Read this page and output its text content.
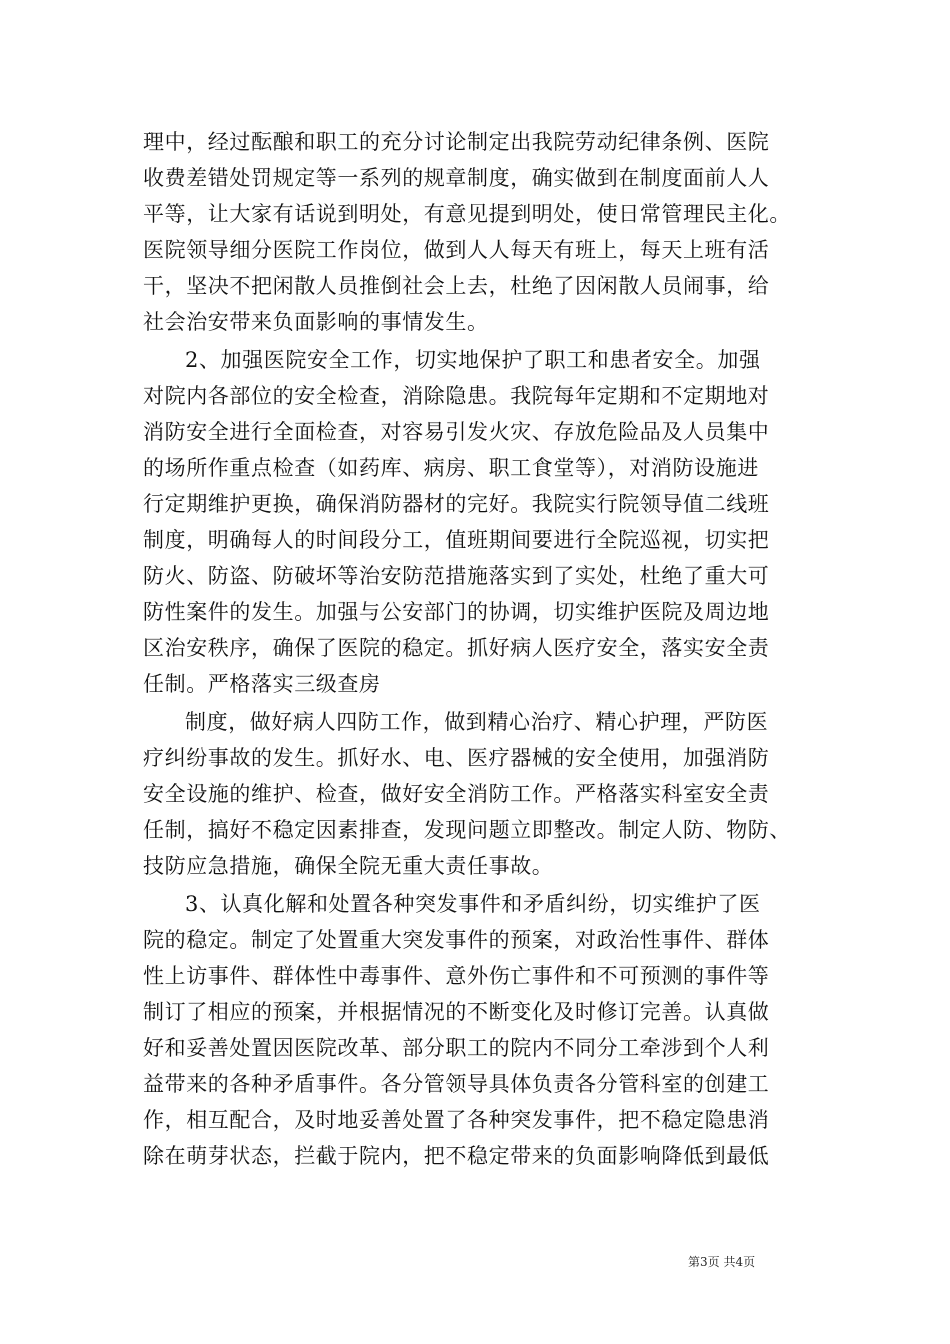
理中，经过酝酿和职工的充分讨论制定出我院劳动纪律条例、医院
收费差错处罚规定等一系列的规章制度，确实做到在制度面前人人
平等，让大家有话说到明处，有意见提到明处，使日常管理民主化。
医院领导细分医院工作岗位，做到人人每天有班上，每天上班有活
干，坚决不把闲散人员推倒社会上去，杜绝了因闲散人员闹事，给
社会治安带来负面影响的事情发生。
2、加强医院安全工作，切实地保护了职工和患者安全。加强
对院内各部位的安全检查，消除隐患。我院每年定期和不定期地对
消防安全进行全面检查，对容易引发火灾、存放危险品及人员集中
的场所作重点检查（如药库、病房、职工食堂等），对消防设施进
行定期维护更换，确保消防器材的完好。我院实行院领导值二线班
制度，明确每人的时间段分工，值班期间要进行全院巡视，切实把
防火、防盗、防破坏等治安防范措施落实到了实处，杜绝了重大可
防性案件的发生。加强与公安部门的协调，切实维护医院及周边地
区治安秩序，确保了医院的稳定。抓好病人医疗安全，落实安全责
任制。严格落实三级查房
制度，做好病人四防工作，做到精心治疗、精心护理，严防医
疗纠纷事故的发生。抓好水、电、医疗器械的安全使用，加强消防
安全设施的维护、检查，做好安全消防工作。严格落实科室安全责
任制，搞好不稳定因素排查，发现问题立即整改。制定人防、物防、
技防应急措施，确保全院无重大责任事故。
3、认真化解和处置各种突发事件和矛盾纠纷，切实维护了医
院的稳定。制定了处置重大突发事件的预案，对政治性事件、群体
性上访事件、群体性中毒事件、意外伤亡事件和不可预测的事件等
制订了相应的预案，并根据情况的不断变化及时修订完善。认真做
好和妥善处置因医院改革、部分职工的院内不同分工牵涉到个人利
益带来的各种矛盾事件。各分管领导具体负责各分管科室的创建工
作，相互配合，及时地妥善处置了各种突发事件，把不稳定隐患消
除在萌芽状态，拦截于院内，把不稳定带来的负面影响降低到最低
第3页 共4页
